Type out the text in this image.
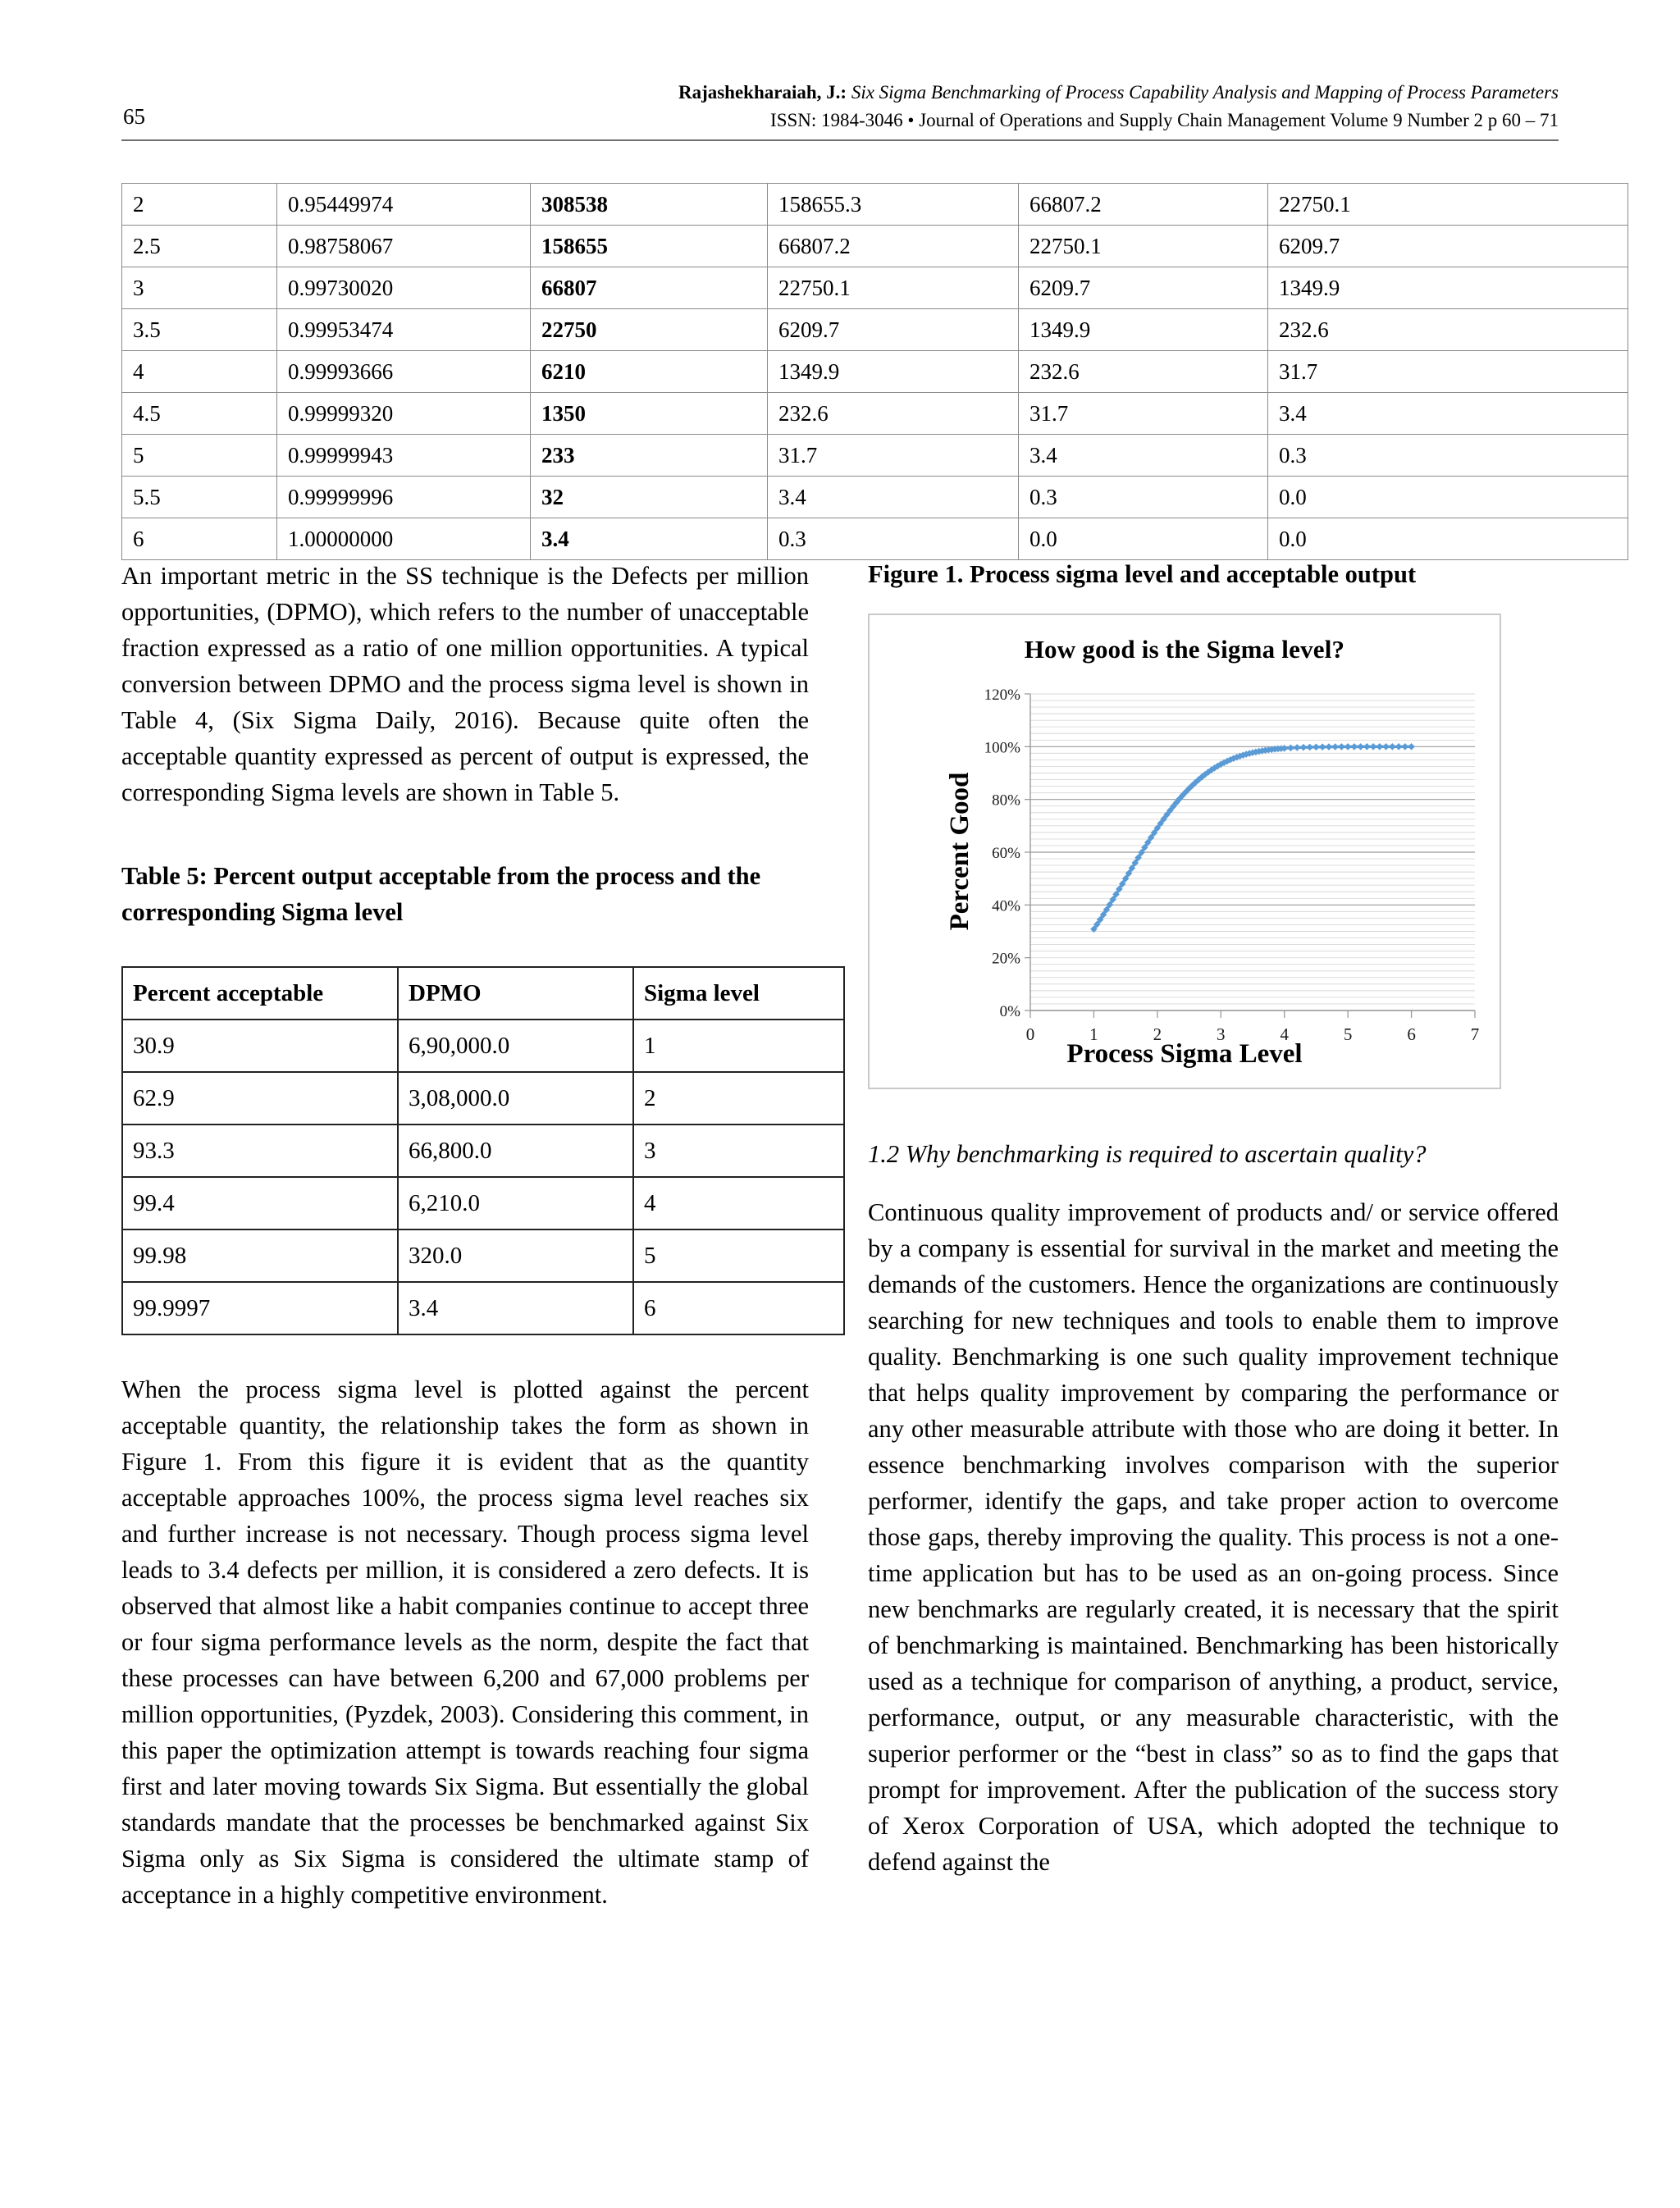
65
Rajashekharaiah, J.: Six Sigma Benchmarking of Process Capability Analysis and Mapping of Process Parameters
ISSN: 1984-3046 • Journal of Operations and Supply Chain Management Volume 9 Number 2 p 60 – 71
2	0.95449974	308538	158655.3	66807.2	22750.1
2.5	0.98758067	158655	66807.2	22750.1	6209.7
3	0.99730020	66807	22750.1	6209.7	1349.9
3.5	0.99953474	22750	6209.7	1349.9	232.6
4	0.99993666	6210	1349.9	232.6	31.7
4.5	0.99999320	1350	232.6	31.7	3.4
5	0.99999943	233	31.7	3.4	0.3
5.5	0.99999996	32	3.4	0.3	0.0
6	1.00000000	3.4	0.3	0.0	0.0

An important metric in the SS technique is the Defects per million opportunities, (DPMO), which refers to the number of unacceptable fraction expressed as a ratio of one million opportunities. A typical conversion between DPMO and the process sigma level is shown in Table 4, (Six Sigma Daily, 2016). Because quite often the acceptable quantity expressed as percent of output is expressed, the corresponding Sigma levels are shown in Table 5.

Table 5: Percent output acceptable from the process and the corresponding Sigma level
Percent acceptable	DPMO	Sigma level
30.9	6,90,000.0	1
62.9	3,08,000.0	2
93.3	66,800.0	3
99.4	6,210.0	4
99.98	320.0	5
99.9997	3.4	6

When the process sigma level is plotted against the percent acceptable quantity, the relationship takes the form as shown in Figure 1. From this figure it is evident that as the quantity acceptable approaches 100%, the process sigma level reaches six and further increase is not necessary. Though process sigma level leads to 3.4 defects per million, it is considered a zero defects. It is observed that almost like a habit companies continue to accept three or four sigma performance levels as the norm, despite the fact that these processes can have between 6,200 and 67,000 problems per million opportunities, (Pyzdek, 2003). Considering this comment, in this paper the optimization attempt is towards reaching four sigma first and later moving towards Six Sigma. But essentially the global standards mandate that the processes be benchmarked against Six Sigma only as Six Sigma is considered the ultimate stamp of acceptance in a highly competitive environment.

Figure 1. Process sigma level and acceptable output
How good is the Sigma level?
Percent Good
Process Sigma Level
0%
20%
40%
60%
80%
100%
120%
0	1	2	3	4	5	6	7
1.2 Why benchmarking is required to ascertain quality?

Continuous quality improvement of products and/ or service offered by a company is essential for survival in the market and meeting the demands of the customers. Hence the organizations are continuously searching for new techniques and tools to enable them to improve quality. Benchmarking is one such quality improvement technique that helps quality improvement by comparing the performance or any other measurable attribute with those who are doing it better. In essence benchmarking involves comparison with the superior performer, identify the gaps, and take proper action to overcome those gaps, thereby improving the quality. This process is not a one-time application but has to be used as an on-going process. Since new benchmarks are regularly created, it is necessary that the spirit of benchmarking is maintained. Benchmarking has been historically used as a technique for comparison of anything, a product, service, performance, output, or any measurable characteristic, with the superior performer or the “best in class” so as to find the gaps that prompt for improvement. After the publication of the success story of Xerox Corporation of USA, which adopted the technique to defend against the
